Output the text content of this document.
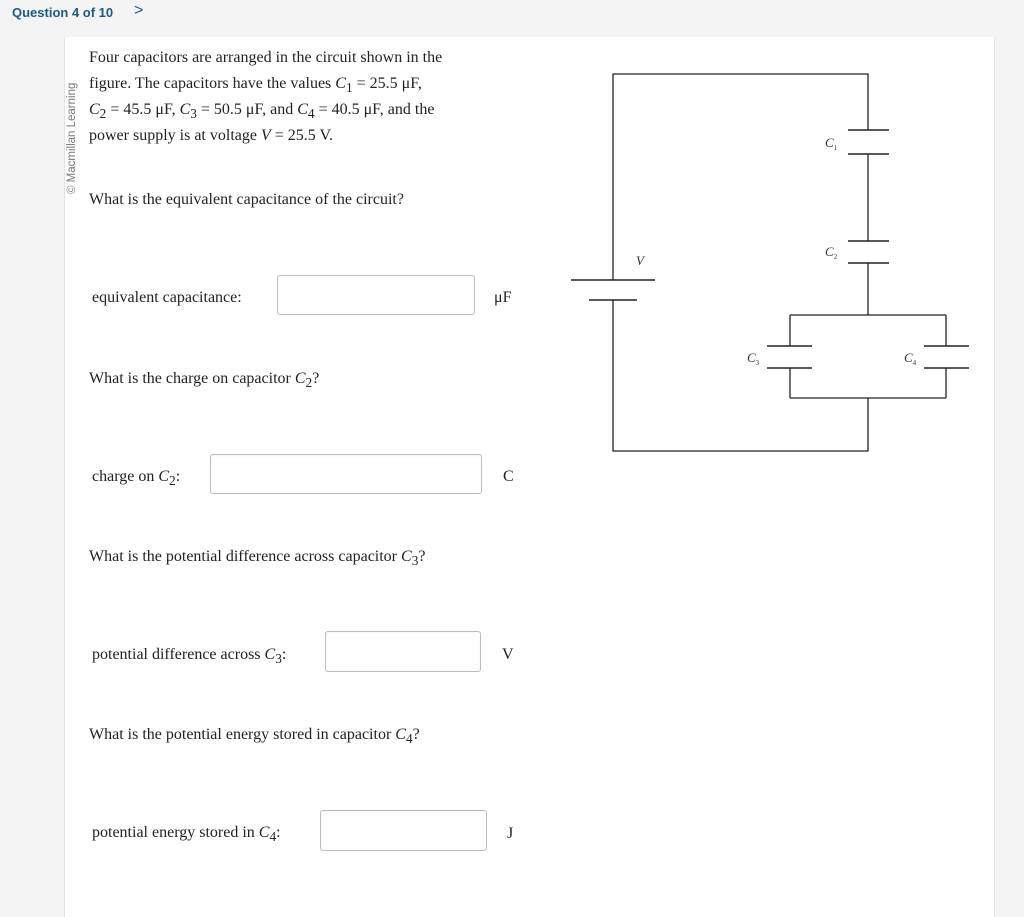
Question 4 of 10 >
© Macmillan Learning
Four capacitors are arranged in the circuit shown in the
figure. The capacitors have the values $C_1 = 25.5$ μF,
$C_2 = 45.5$ μF, $C_3 = 50.5$ μF, and $C_4 = 40.5$ μF, and the
power supply is at voltage V = 25.5 V.
What is the equivalent capacitance of the circuit?
equivalent capacitance:	μF
What is the charge on capacitor $C_2$?
charge on $C_2$:	C
What is the potential difference across capacitor $C_3$?
potential difference across $C_3$:	V
What is the potential energy stored in capacitor $C_4$?
potential energy stored in $C_4$:	J
V
$C_1$
$C_2$
$C_3$	$C_4$
